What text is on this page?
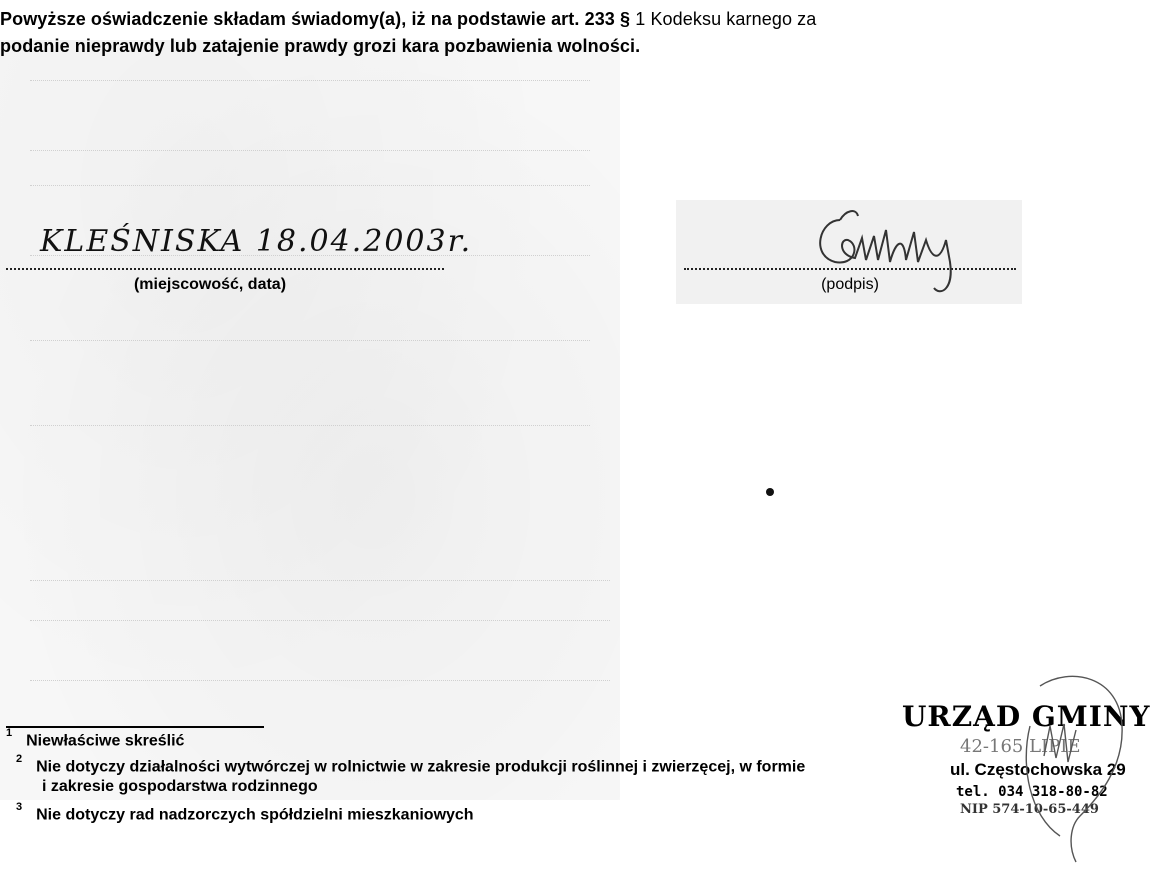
Powyższe oświadczenie składam świadomy(a), iż na podstawie art. 233 § 1 Kodeksu karnego za
podanie nieprawdy lub zatajenie prawdy grozi kara pozbawienia wolności.
KLEŚNISKA 18.04.2003r.
(miejscowość, data)	(podpis)
$^1$ Niewłaściwe skreślić
$^2$ Nie dotyczy działalności wytwórczej w rolnictwie w zakresie produkcji roślinnej i zwierzęcej, w formie
i zakresie gospodarstwa rodzinnego
$^3$ Nie dotyczy rad nadzorczych spółdzielni mieszkaniowych
URZĄD GMINY
42-165 LIPIE
ul. Częstochowska 29
tel. 034 318-80-82
NIP 574-10-65-449
